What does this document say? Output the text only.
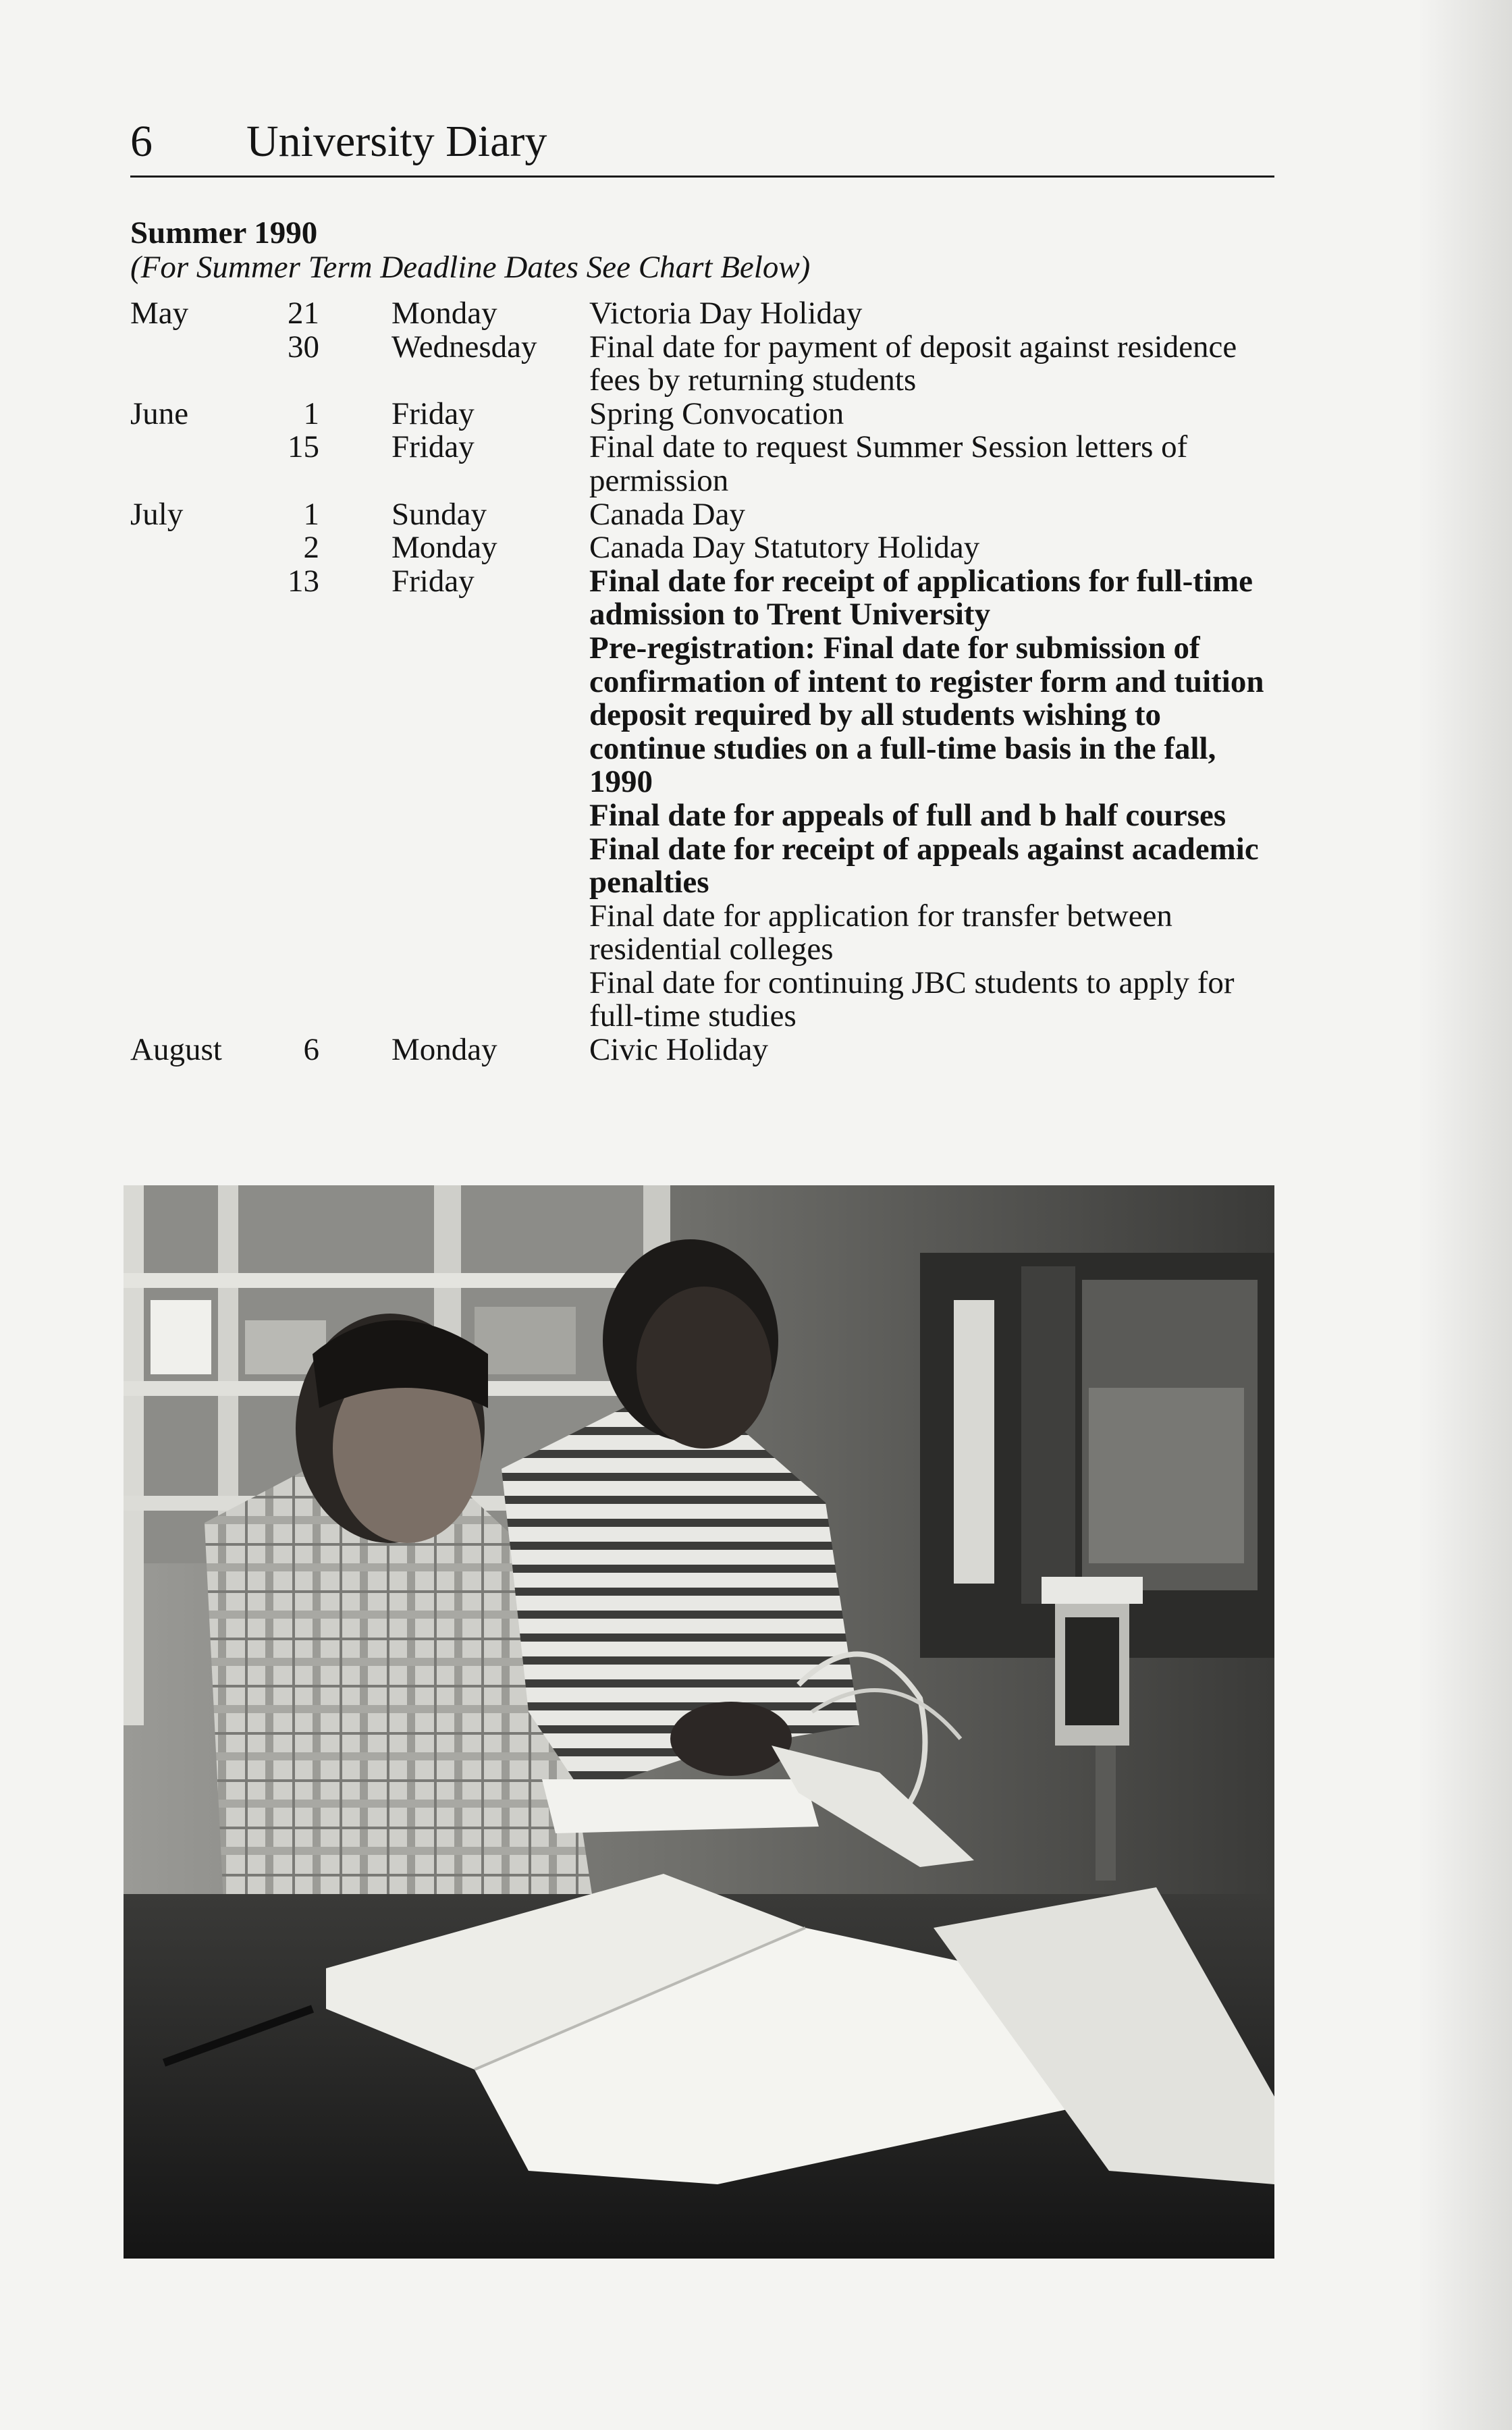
6 University Diary
Summer 1990
(For Summer Term Deadline Dates See Chart Below)
May	21 Monday	Victoria Day Holiday
30 Wednesday	Final date for payment of deposit against residence fees by returning students
June	1 Friday	Spring Convocation
15 Friday	Final date to request Summer Session letters of permission
July	1 Sunday	Canada Day
2 Monday	Canada Day Statutory Holiday
13 Friday	Final date for receipt of applications for full-time admission to Trent University
Pre-registration: Final date for submission of confirmation of intent to register form and tuition deposit required by all students wishing to continue studies on a full-time basis in the fall, 1990
Final date for appeals of full and b half courses
Final date for receipt of appeals against academic penalties
Final date for application for transfer between residential colleges
Final date for continuing JBC students to apply for full-time studies
August	6 Monday	Civic Holiday
